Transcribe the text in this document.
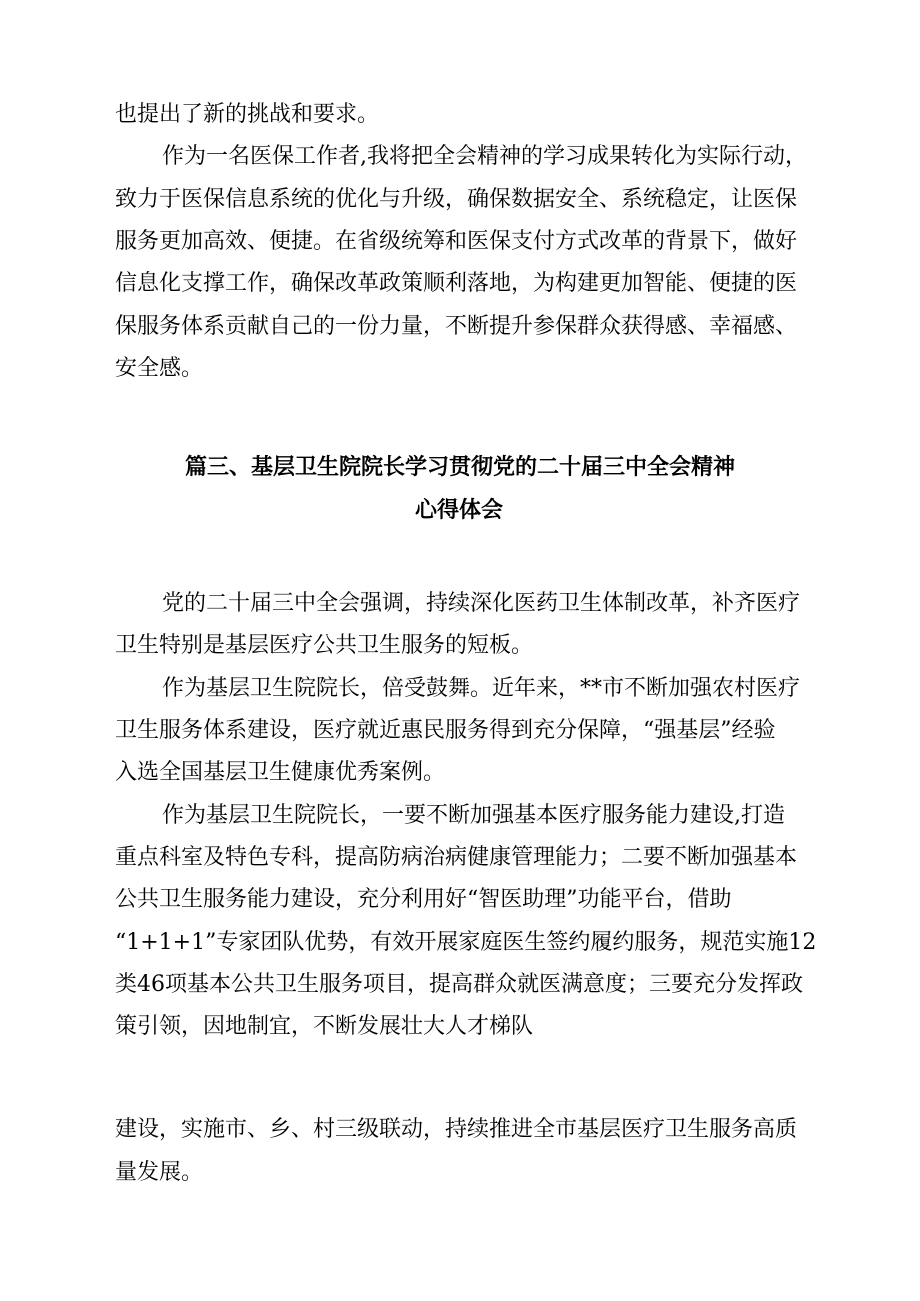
也提出了新的挑战和要求。
作为一名医保工作者,我将把全会精神的学习成果转化为实际行动，
致力于医保信息系统的优化与升级，确保数据安全、系统稳定，让医保
服务更加高效、便捷。在省级统筹和医保支付方式改革的背景下，做好
信息化支撑工作，确保改革政策顺利落地，为构建更加智能、便捷的医
保服务体系贡献自己的一份力量，不断提升参保群众获得感、幸福感、
安全感。
篇三、基层卫生院院长学习贯彻党的二十届三中全会精神
心得体会
党的二十届三中全会强调，持续深化医药卫生体制改革，补齐医疗
卫生特别是基层医疗公共卫生服务的短板。
作为基层卫生院院长，倍受鼓舞。近年来，**市不断加强农村医疗
卫生服务体系建设，医疗就近惠民服务得到充分保障，“强基层”经验
入选全国基层卫生健康优秀案例。
作为基层卫生院院长，一要不断加强基本医疗服务能力建设,打造
重点科室及特色专科，提高防病治病健康管理能力；二要不断加强基本
公共卫生服务能力建设，充分利用好“智医助理”功能平台，借助
“1+1+1”专家团队优势，有效开展家庭医生签约履约服务，规范实施12
类46项基本公共卫生服务项目，提高群众就医满意度；三要充分发挥政
策引领，因地制宜，不断发展壮大人才梯队
建设，实施市、乡、村三级联动，持续推进全市基层医疗卫生服务高质
量发展。
